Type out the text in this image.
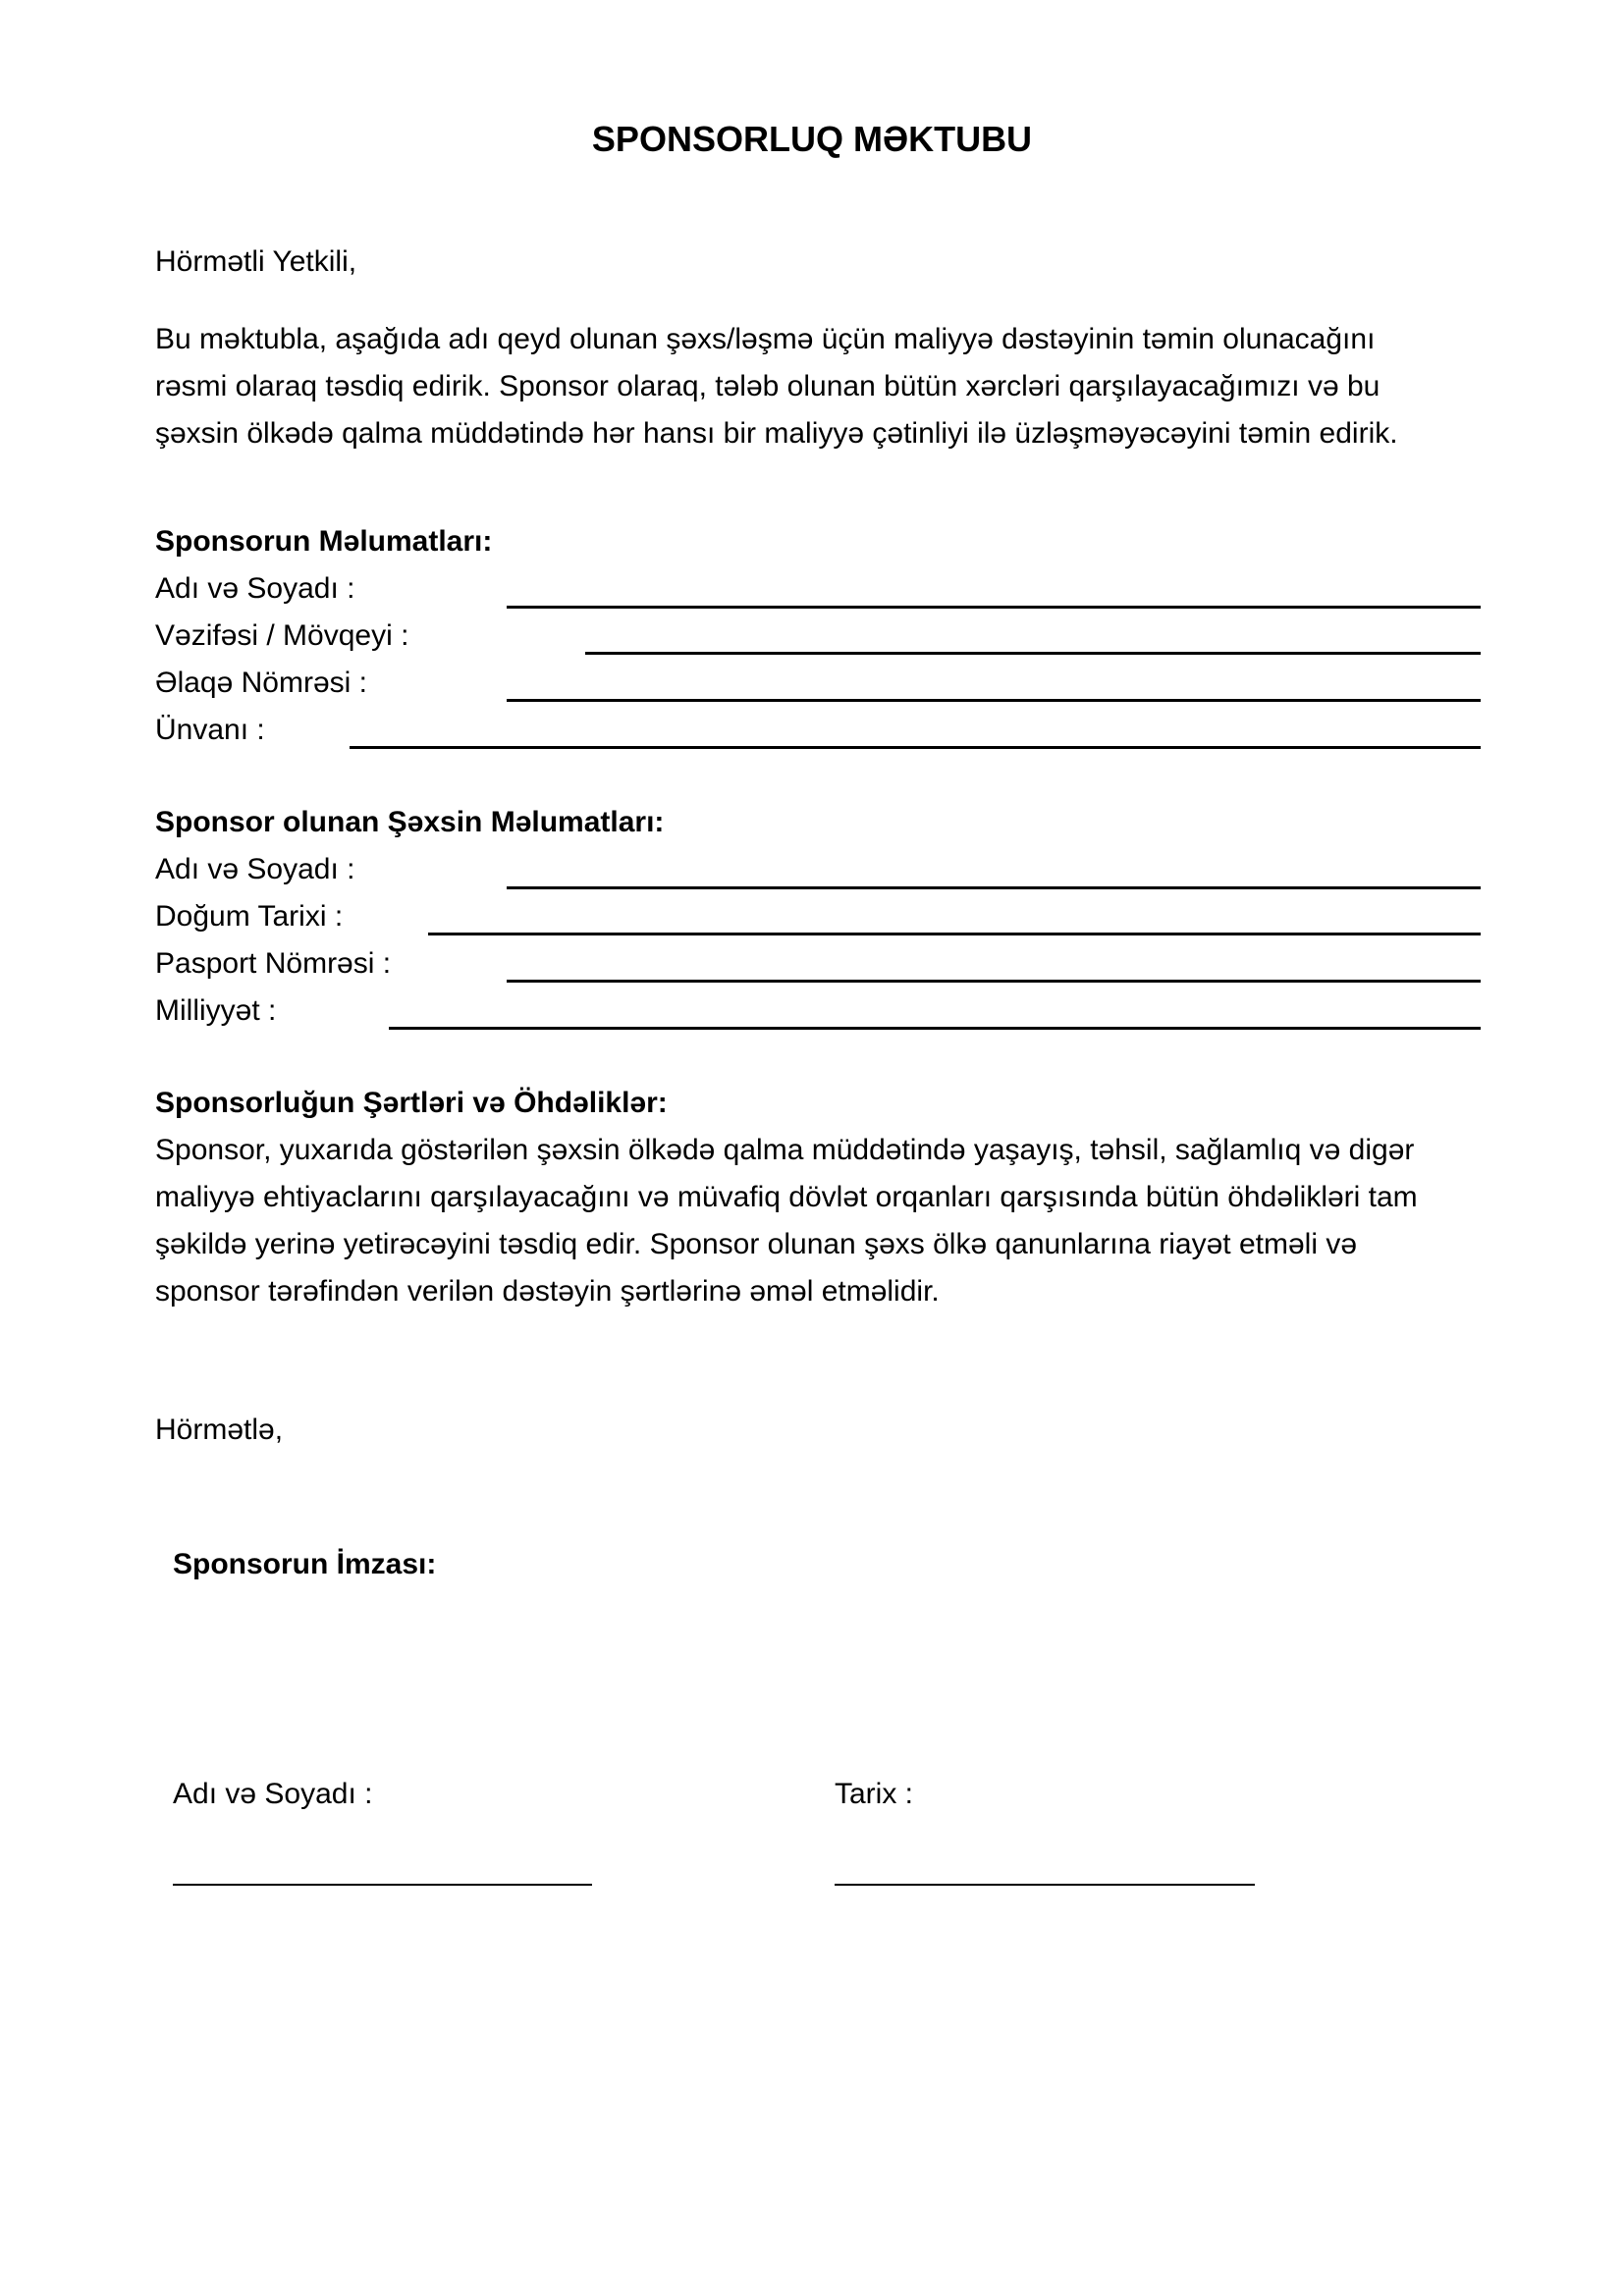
SPONSORLUQ MƏKTUBU
Hörmətli Yetkili,
Bu məktubla, aşağıda adı qeyd olunan şəxs/ləşmə üçün maliyyə dəstəyinin təmin olunacağını
rəsmi olaraq təsdiq edirik. Sponsor olaraq, tələb olunan bütün xərcləri qarşılayacağımızı və bu
şəxsin ölkədə qalma müddətində hər hansı bir maliyyə çətinliyi ilə üzləşməyəcəyini təmin edirik.
Sponsorun Məlumatları:
Adı və Soyadı :
Vəzifəsi / Mövqeyi :
Əlaqə Nömrəsi :
Ünvanı :
Sponsor olunan Şəxsin Məlumatları:
Adı və Soyadı :
Doğum Tarixi :
Pasport Nömrəsi :
Milliyyət :
Sponsorluğun Şərtləri və Öhdəliklər:
Sponsor, yuxarıda göstərilən şəxsin ölkədə qalma müddətində yaşayış, təhsil, sağlamlıq və digər
maliyyə ehtiyaclarını qarşılayacağını və müvafiq dövlət orqanları qarşısında bütün öhdəlikləri tam
şəkildə yerinə yetirəcəyini təsdiq edir. Sponsor olunan şəxs ölkə qanunlarına riayət etməli və
sponsor tərəfindən verilən dəstəyin şərtlərinə əməl etməlidir.
Hörmətlə,
Sponsorun İmzası:
Adı və Soyadı :	Tarix :
